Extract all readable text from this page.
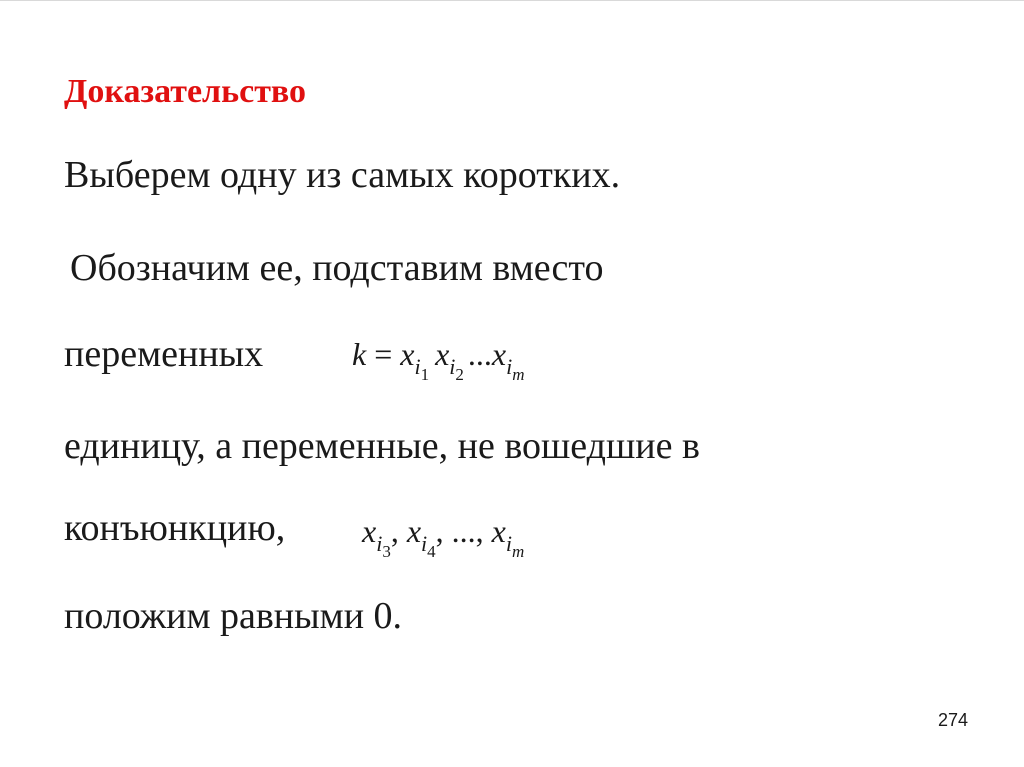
Доказательство
Выберем одну из самых коротких.
Обозначим ее, подставим вместо
переменных
единицу, а переменные, не вошедшие в
конъюнкцию,
положим равными 0.
$k = x_{i_1}x_{i_2}...x_{i_m}$
$x_{i_3}$, $x_{i_4}$, ..., $x_{i_m}$
274
